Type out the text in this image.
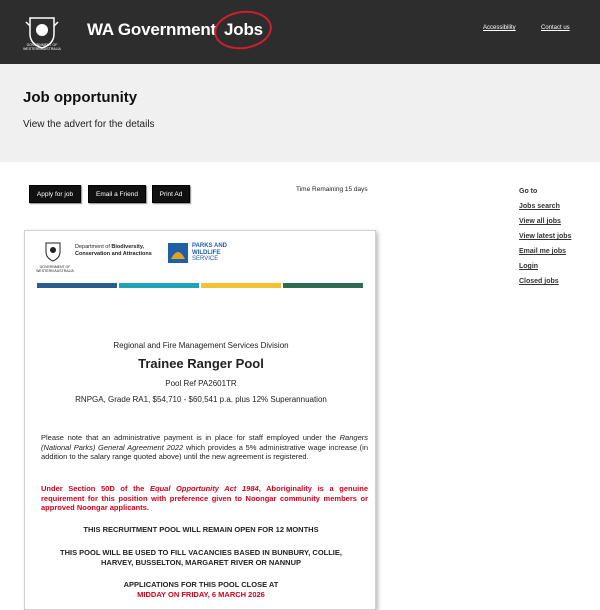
GOVERNMENT OF WESTERN AUSTRALIA
WA Government Jobs	Accessibility	Contact us
Job opportunity

View the advert for the details

Apply for job	Email a Friend	Print Ad
Time Remaining 15 days	Go to
Jobs search
View all jobs
View latest jobs
Email me jobs
Login
Closed jobs
GOVERNMENT OF WESTERN AUSTRALIA
Department of Biodiversity,
Conservation and Attractions
PARKS AND
WILDLIFE
SERVICE
Regional and Fire Management Services Division
Trainee Ranger Pool
Pool Ref PA2601TR
RNPGA, Grade RA1, $54,710 - $60,541 p.a. plus 12% Superannuation
Please note that an administrative payment is in place for staff employed under the Rangers (National Parks) General Agreement 2022 which provides a 5% administrative wage increase (in addition to the salary range quoted above) until the new agreement is registered.
Under Section 50D of the Equal Opportunity Act 1984, Aboriginality is a genuine requirement for this position with preference given to Noongar community members or approved Noongar applicants.
THIS RECRUITMENT POOL WILL REMAIN OPEN FOR 12 MONTHS
THIS POOL WILL BE USED TO FILL VACANCIES BASED IN BUNBURY, COLLIE, HARVEY, BUSSELTON, MARGARET RIVER OR NANNUP
APPLICATIONS FOR THIS POOL CLOSE AT
MIDDAY ON FRIDAY, 6 MARCH 2026
